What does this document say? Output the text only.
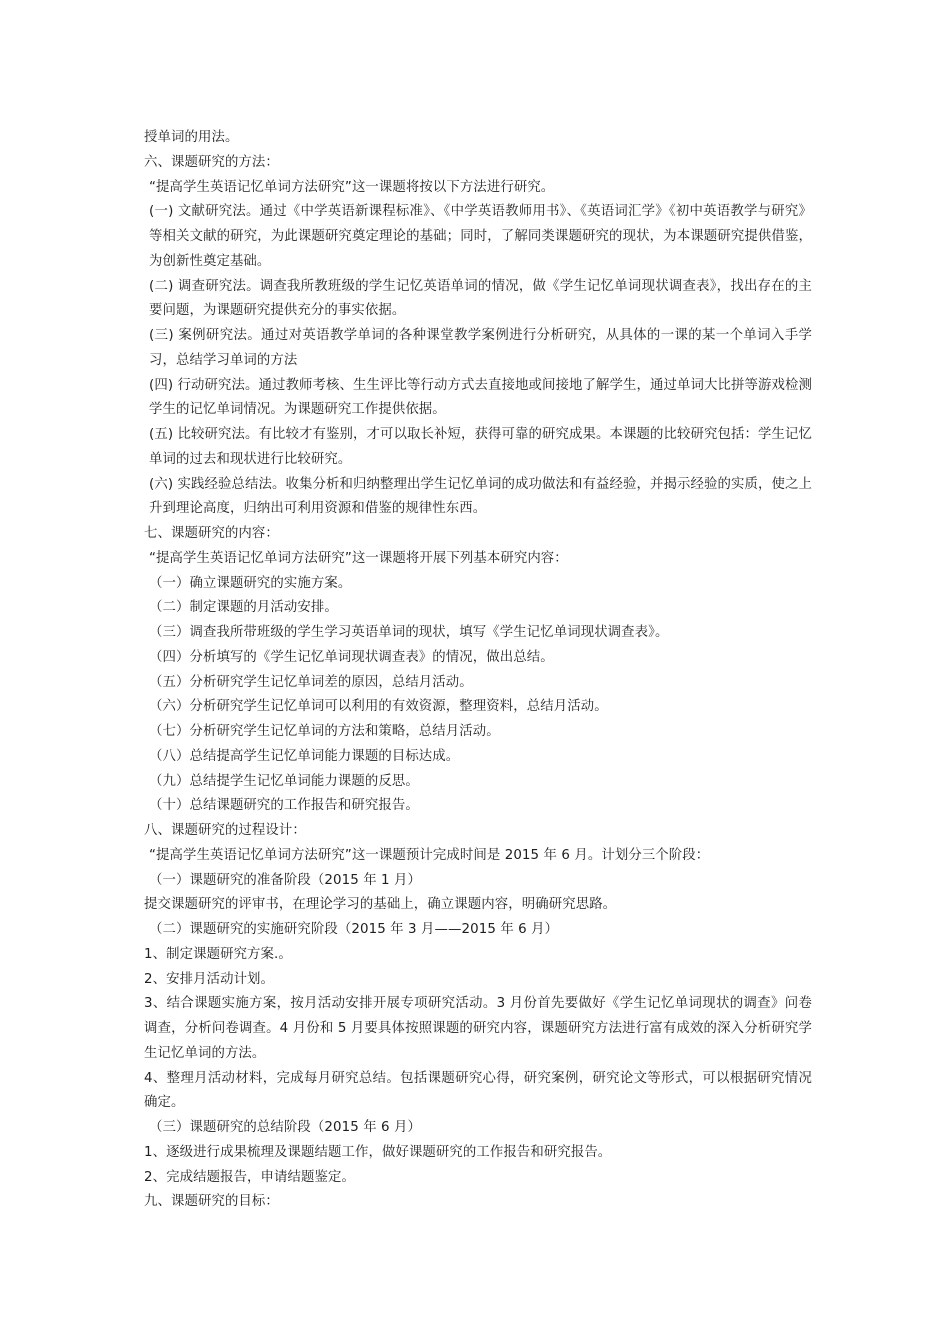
授单词的用法。

六、课题研究的方法：

“提高学生英语记忆单词方法研究”这一课题将按以下方法进行研究。

(一) 文献研究法。通过《中学英语新课程标准》、《中学英语教师用书》、《英语词汇学》《初中英语教学与研究》等相关文献的研究，为此课题研究奠定理论的基础；同时，了解同类课题研究的现状，为本课题研究提供借鉴，为创新性奠定基础。

(二) 调查研究法。调查我所教班级的学生记忆英语单词的情况，做《学生记忆单词现状调查表》，找出存在的主要问题，为课题研究提供充分的事实依据。

(三) 案例研究法。通过对英语教学单词的各种课堂教学案例进行分析研究，从具体的一课的某一个单词入手学习，总结学习单词的方法

(四) 行动研究法。通过教师考核、生生评比等行动方式去直接地或间接地了解学生，通过单词大比拼等游戏检测学生的记忆单词情况。为课题研究工作提供依据。

(五) 比较研究法。有比较才有鉴别，才可以取长补短，获得可靠的研究成果。本课题的比较研究包括：学生记忆单词的过去和现状进行比较研究。

(六) 实践经验总结法。收集分析和归纳整理出学生记忆单词的成功做法和有益经验，并揭示经验的实质，使之上升到理论高度，归纳出可利用资源和借鉴的规律性东西。

七、课题研究的内容：

“提高学生英语记忆单词方法研究”这一课题将开展下列基本研究内容：

（一）确立课题研究的实施方案。

（二）制定课题的月活动安排。

（三）调查我所带班级的学生学习英语单词的现状，填写《学生记忆单词现状调查表》。

（四）分析填写的《学生记忆单词现状调查表》的情况，做出总结。

（五）分析研究学生记忆单词差的原因，总结月活动。

（六）分析研究学生记忆单词可以利用的有效资源，整理资料，总结月活动。

（七）分析研究学生记忆单词的方法和策略，总结月活动。

（八）总结提高学生记忆单词能力课题的目标达成。

（九）总结提学生记忆单词能力课题的反思。

（十）总结课题研究的工作报告和研究报告。

八、课题研究的过程设计：

“提高学生英语记忆单词方法研究”这一课题预计完成时间是 2015 年 6 月。计划分三个阶段：

（一）课题研究的准备阶段（2015 年 1 月）

提交课题研究的评审书，在理论学习的基础上，确立课题内容，明确研究思路。

（二）课题研究的实施研究阶段（2015 年 3 月——2015 年 6 月）

1、制定课题研究方案.。

2、安排月活动计划。

3、结合课题实施方案，按月活动安排开展专项研究活动。3 月份首先要做好《学生记忆单词现状的调查》问卷调查，分析问卷调查。4 月份和 5 月要具体按照课题的研究内容，课题研究方法进行富有成效的深入分析研究学生记忆单词的方法。

4、整理月活动材料，完成每月研究总结。包括课题研究心得，研究案例，研究论文等形式，可以根据研究情况确定。

（三）课题研究的总结阶段（2015 年 6 月）

1、逐级进行成果梳理及课题结题工作，做好课题研究的工作报告和研究报告。

2、完成结题报告，申请结题鉴定。

九、课题研究的目标：
